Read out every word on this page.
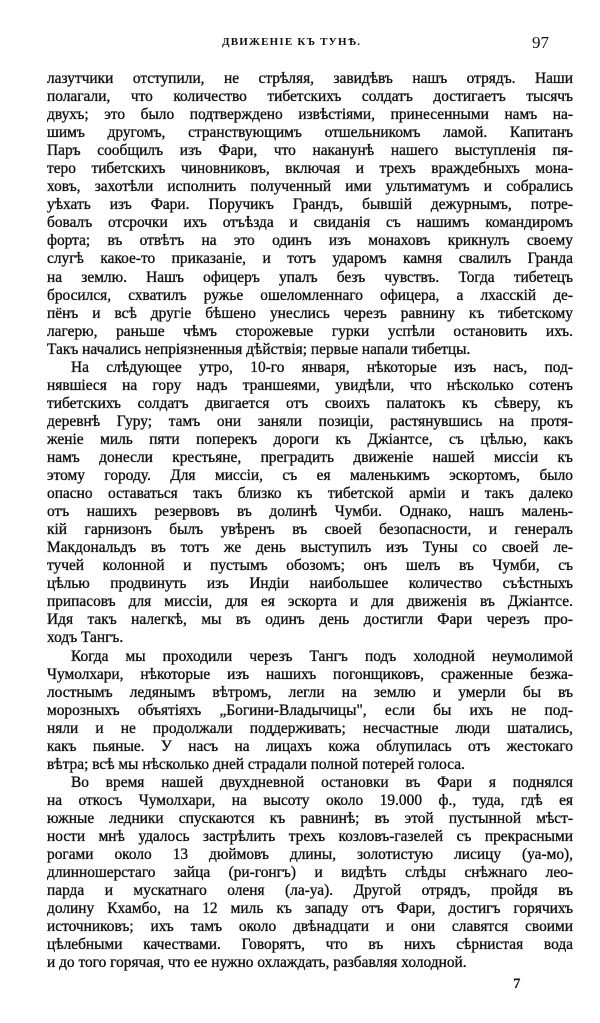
ДВИЖЕНІЕ КЪ ТУНѢ.	97
лазутчики отступили, не стрѣляя, завидѣвъ нашъ отрядъ. Наши
полагали, что количество тибетскихъ солдатъ достигаетъ тысячъ
двухъ; это было подтверждено извѣстіями, принесенными намъ на-
шимъ другомъ, странствующимъ отшельникомъ ламой. Капитанъ
Паръ сообщилъ изъ Фари, что наканунѣ нашего выступленія пя-
теро тибетскихъ чиновниковъ, включая и трехъ враждебныхъ мона-
ховъ, захотѣли исполнить полученный ими ультиматумъ и собрались
уѣхать изъ Фари. Поручикъ Грандъ, бывшій дежурнымъ, потре-
бовалъ отсрочки ихъ отъѣзда и свиданія съ нашимъ командиромъ
форта; въ отвѣтъ на это одинъ изъ монаховъ крикнулъ своему
слугѣ какое-то приказаніе, и тотъ ударомъ камня свалилъ Гранда
на землю. Нашъ офицеръ упалъ безъ чувствъ. Тогда тибетецъ
бросился, схватилъ ружье ошеломленнаго офицера, а лхасскій де-
пёнъ и всѣ другіе бѣшено унеслись черезъ равнину къ тибетскому
лагерю, раньше чѣмъ сторожевые гурки успѣли остановить ихъ.
Такъ начались непріязненныя дѣйствія; первые напали тибетцы.
На слѣдующее утро, 10-го января, нѣкоторые изъ насъ, под-
нявшіеся на гору надъ траншеями, увидѣли, что нѣсколько сотенъ
тибетскихъ солдатъ двигается отъ своихъ палатокъ къ сѣверу, къ
деревнѣ Гуру; тамъ они заняли позиціи, растянувшись на протя-
женіе миль пяти поперекъ дороги къ Джіантсе, съ цѣлью, какъ
намъ донесли крестьяне, преградить движеніе нашей миссіи къ
этому городу. Для миссіи, съ ея маленькимъ эскортомъ, было
опасно оставаться такъ близко къ тибетской арміи и такъ далеко
отъ нашихъ резервовъ въ долинѣ Чумби. Однако, нашъ малень-
кій гарнизонъ былъ увѣренъ въ своей безопасности, и генералъ
Макдональдъ въ тотъ же день выступилъ изъ Туны со своей ле-
тучей колонной и пустымъ обозомъ; онъ шелъ въ Чумби, съ
цѣлью продвинуть изъ Индіи наибольшее количество съѣстныхъ
припасовъ для миссіи, для ея эскорта и для движенія въ Джіантсе.
Идя такъ налегкѣ, мы въ одинъ день достигли Фари черезъ про-
ходъ Тангъ.
Когда мы проходили черезъ Тангъ подъ холодной неумолимой
Чумолхари, нѣкоторые изъ нашихъ погонщиковъ, сраженные безжа-
лостнымъ ледянымъ вѣтромъ, легли на землю и умерли бы въ
морозныхъ объятіяхъ „Богини-Владычицы", если бы ихъ не под-
няли и не продолжали поддерживать; несчастные люди шатались,
какъ пьяные. У насъ на лицахъ кожа облупилась отъ жестокаго
вѣтра; всѣ мы нѣсколько дней страдали полной потерей голоса.
Во время нашей двухдневной остановки въ Фари я поднялся
на откосъ Чумолхари, на высоту около 19.000 ф., туда, гдѣ ея
южные ледники спускаются къ равнинѣ; въ этой пустынной мѣст-
ности мнѣ удалось застрѣлить трехъ козловъ-газелей съ прекрасными
рогами около 13 дюймовъ длины, золотистую лисицу (уа-мо),
длинношерстаго зайца (ри-гонгъ) и видѣть слѣды снѣжнаго лео-
парда и мускатнаго оленя (ла-уа). Другой отрядъ, пройдя въ
долину Кхамбо, на 12 миль къ западу отъ Фари, достигъ горячихъ
источниковъ; ихъ тамъ около двѣнадцати и они славятся своими
цѣлебными качествами. Говорятъ, что въ нихъ сѣрнистая вода
и до того горячая, что ее нужно охлаждать, разбавляя холодной.
7
